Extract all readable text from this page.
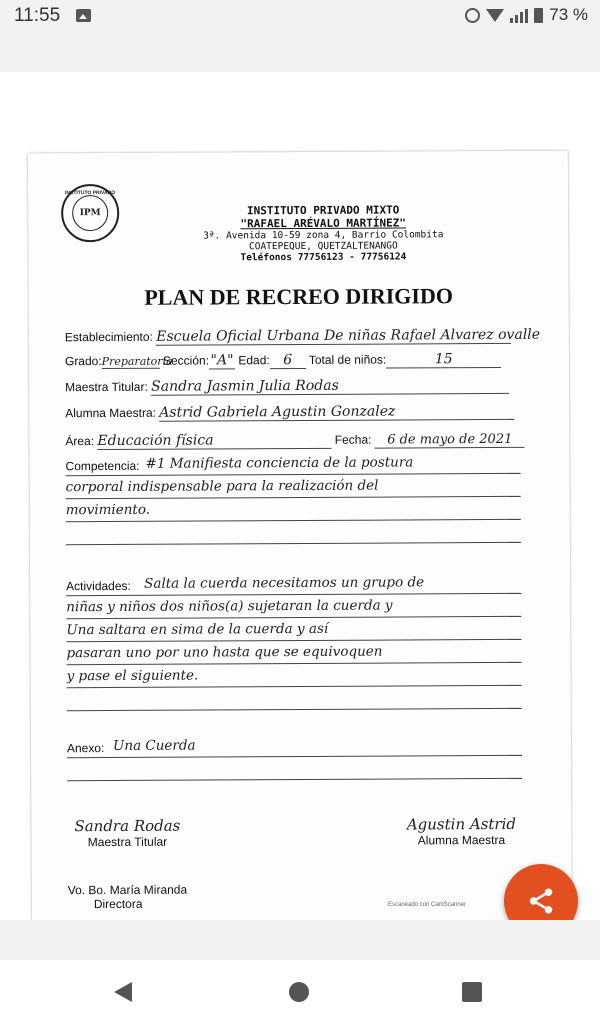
11:55	73 %
INSTITUTO PRIVADO
IPM	INSTITUTO PRIVADO MIXTO
"RAFAEL ARÉVALO MARTÍNEZ"
3ª. Avenida 10-59 zona 4, Barrio Colombita
COATEPEQUE, QUETZALTENANGO
Teléfonos 77756123 - 77756124
PLAN DE RECREO DIRIGIDO
Establecimiento: Escuela Oficial Urbana De niñas Rafael Alvarez ovalle
Grado:Preparatoria Sección:"A" Edad: 6 Total de niños:	15
Maestra Titular: Sandra Jasmin Julia Rodas
Alumna Maestra: Astrid Gabriela Agustin Gonzalez
Área: Educación física	Fecha: 6 de mayo de 2021
Competencia: #1 Manifiesta conciencia de la postura
corporal indispensable para la realización del
movimiento.
Actividades: Salta la cuerda necesitamos un grupo de
niñas y niños dos niños(a) sujetaran la cuerda y
Una saltara en sima de la cuerda y así
pasaran uno por uno hasta que se equivoquen
y pase el siguiente.
Anexo: Una Cuerda
Sandra Rodas
Maestra Titular
Agustin Astrid
Alumna Maestra
Vo. Bo. María Miranda
Directora	Escaneado con CamScanner
